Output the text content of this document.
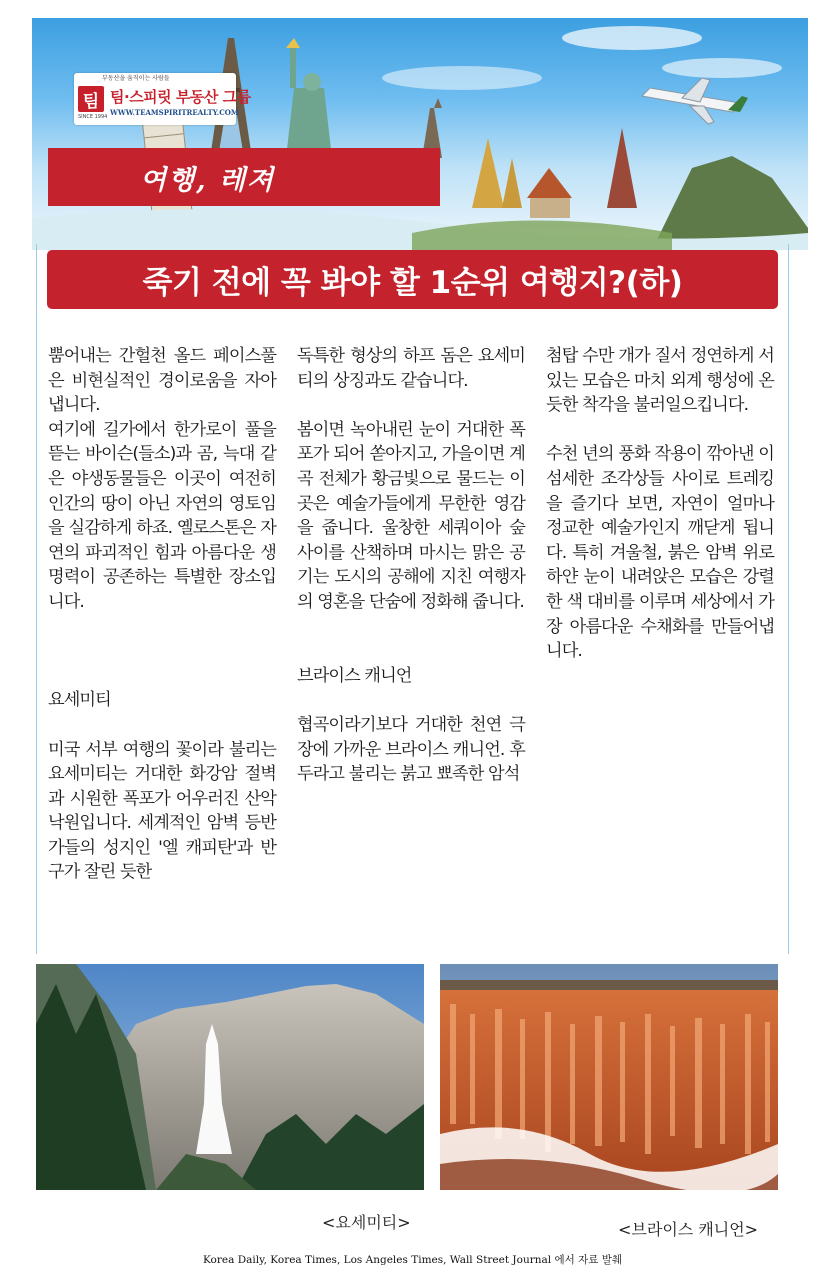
부동산을 움직이는 사람들
팀
SINCE 1994
팀·스피릿 부동산 그룹
WWW.TEAMSPIRITREALTY.COM
여행, 레져
죽기 전에 꼭 봐야 할 1순위 여행지?(하)

뿜어내는 간헐천 올드 페이스풀은 비현실적인 경이로움을 자아냅니다.

여기에 길가에서 한가로이 풀을 뜯는 바이슨(들소)과 곰, 늑대 같은 야생동물들은 이곳이 여전히 인간의 땅이 아닌 자연의 영토임을 실감하게 하죠. 옐로스톤은 자연의 파괴적인 힘과 아름다운 생명력이 공존하는 특별한 장소입니다.

요세미티

미국 서부 여행의 꽃이라 불리는 요세미티는 거대한 화강암 절벽과 시원한 폭포가 어우러진 산악 낙원입니다. 세계적인 암벽 등반가들의 성지인 '엘 캐피탄'과 반구가 잘린 듯한

독특한 형상의 하프 돔은 요세미티의 상징과도 같습니다.

봄이면 녹아내린 눈이 거대한 폭포가 되어 쏟아지고, 가을이면 계곡 전체가 황금빛으로 물드는 이곳은 예술가들에게 무한한 영감을 줍니다. 울창한 세쿼이아 숲 사이를 산책하며 마시는 맑은 공기는 도시의 공해에 지친 여행자의 영혼을 단숨에 정화해 줍니다.

브라이스 캐니언

협곡이라기보다 거대한 천연 극장에 가까운 브라이스 캐니언. 후두라고 불리는 붉고 뾰족한 암석

첨탑 수만 개가 질서 정연하게 서 있는 모습은 마치 외계 행성에 온 듯한 착각을 불러일으킵니다.

수천 년의 풍화 작용이 깎아낸 이 섬세한 조각상들 사이로 트레킹을 즐기다 보면, 자연이 얼마나 정교한 예술가인지 깨닫게 됩니다. 특히 겨울철, 붉은 암벽 위로 하얀 눈이 내려앉은 모습은 강렬한 색 대비를 이루며 세상에서 가장 아름다운 수채화를 만들어냅니다.

<요세미티>	<브라이스 캐니언>
Korea Daily, Korea Times, Los Angeles Times, Wall Street Journal 에서 자료 발췌
